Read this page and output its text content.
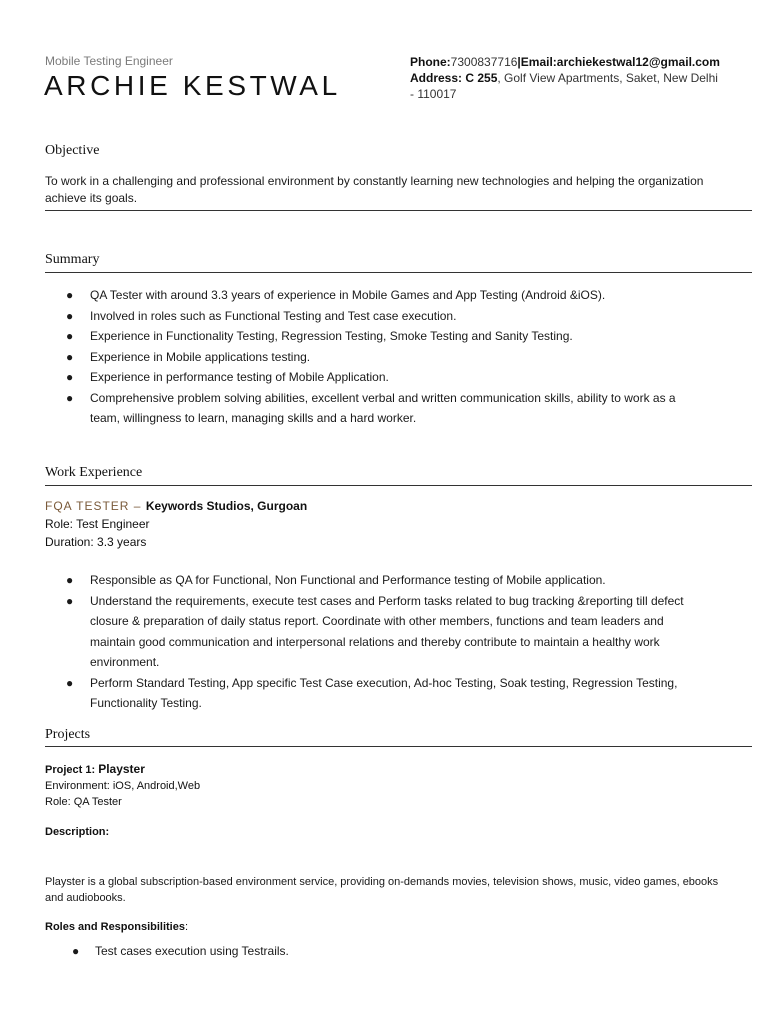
Mobile Testing Engineer
ARCHIE KESTWAL
Phone:7300837716|Email:archiekestwal12@gmail.com
Address: C 255, Golf View Apartments, Saket, New Delhi
- 110017
Objective
To work in a challenging and professional environment by constantly learning new technologies and helping the organization achieve its goals.
Summary
● QA Tester with around 3.3 years of experience in Mobile Games and App Testing (Android &iOS).
● Involved in roles such as Functional Testing and Test case execution.
● Experience in Functionality Testing, Regression Testing, Smoke Testing and Sanity Testing.
● Experience in Mobile applications testing.
● Experience in performance testing of Mobile Application.
● Comprehensive problem solving abilities, excellent verbal and written communication skills, ability to work as a team, willingness to learn, managing skills and a hard worker.
Work Experience
FQA TESTER – Keywords Studios, Gurgoan
Role: Test Engineer
Duration: 3.3 years
● Responsible as QA for Functional, Non Functional and Performance testing of Mobile application.
● Understand the requirements, execute test cases and Perform tasks related to bug tracking &reporting till defect closure & preparation of daily status report. Coordinate with other members, functions and team leaders and maintain good communication and interpersonal relations and thereby contribute to maintain a healthy work environment.
● Perform Standard Testing, App specific Test Case execution, Ad-hoc Testing, Soak testing, Regression Testing, Functionality Testing.
Projects
Project 1: Playster
Environment: iOS, Android,Web
Role: QA Tester
Description:
Playster is a global subscription-based environment service, providing on-demands movies, television shows, music, video games, ebooks and audiobooks.
Roles and Responsibilities:
● Test cases execution using Testrails.
